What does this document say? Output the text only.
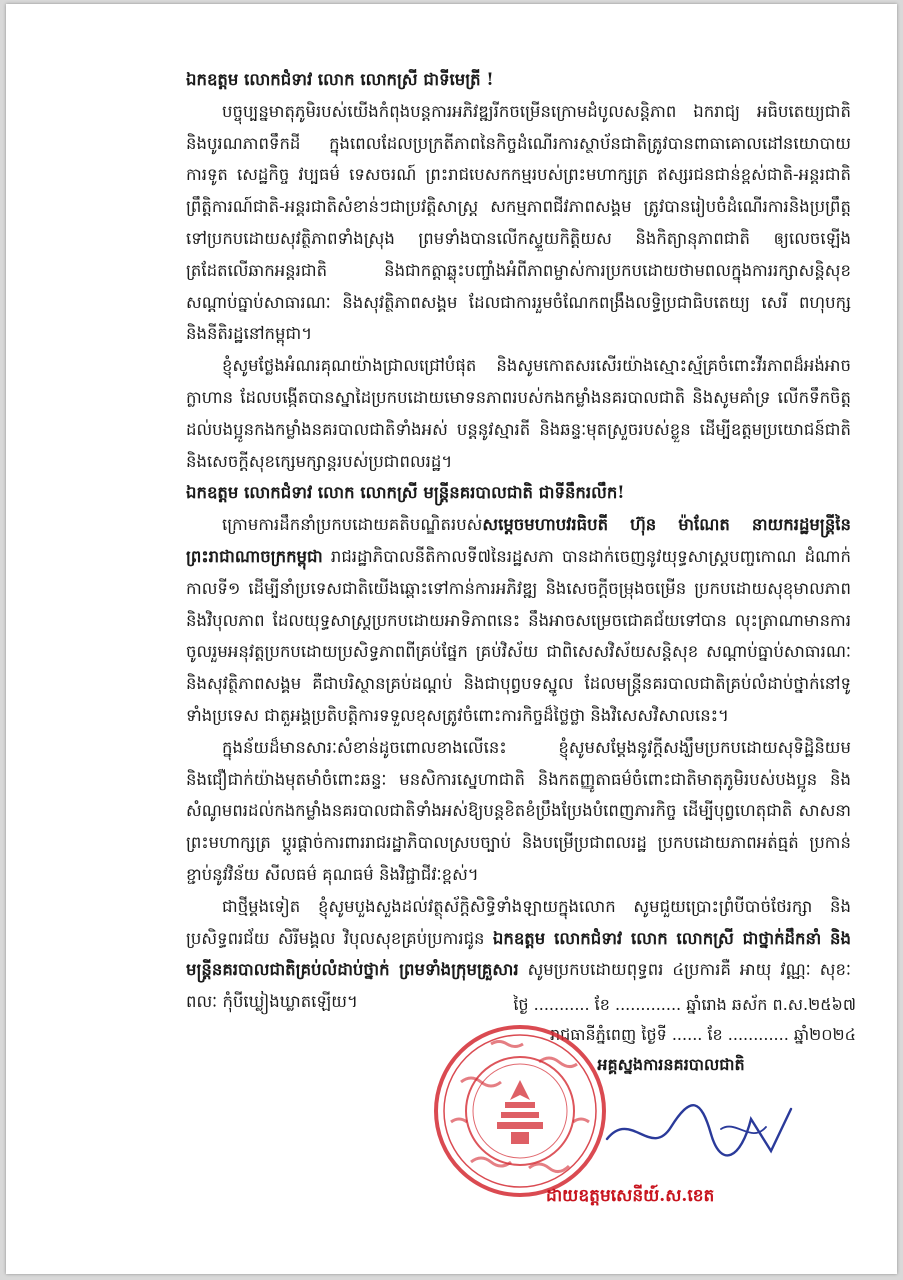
ឯកឧត្តម លោកជំទាវ លោក លោកស្រី ជាទីមេត្រី !

បច្ចុប្បន្នមាតុភូមិរបស់យើងកំពុងបន្តការអភិវឌ្ឍរីកចម្រើនក្រោមដំបូលសន្តិភាព ឯករាជ្យ អធិបតេយ្យជាតិ និងបូរណភាពទឹកដី ក្នុងពេលដែលប្រក្រតីភាពនៃកិច្ចដំណើរការស្ថាប័នជាតិត្រូវបានពាធាគោលដៅនយោបាយ ការទូត សេដ្ឋកិច្ច វប្បធម៌ ទេសចរណ៍ ព្រះរាជបេសកកម្មរបស់ព្រះមហាក្សត្រ ឥស្សរជនជាន់ខ្ពស់ជាតិ-អន្តរជាតិ ព្រឹត្តិការណ៍ជាតិ-អន្តរជាតិសំខាន់ៗជាប្រវត្តិសាស្ត្រ សកម្មភាពជីវភាពសង្គម ត្រូវបានរៀបចំដំណើរការនិងប្រព្រឹត្តទៅប្រកបដោយសុវត្ថិភាពទាំងស្រុង ព្រមទាំងបានលើកស្ទួយកិត្តិយស និងកិត្យានុភាពជាតិ ឲ្យលេចឡើងត្រដែតលើឆាកអន្តរជាតិ និងជាកត្តាឆ្លុះបញ្ចាំងអំពីភាពម្ចាស់ការប្រកបដោយថាមពលក្នុងការរក្សាសន្តិសុខ សណ្តាប់ធ្នាប់សាធារណៈ និងសុវត្ថិភាពសង្គម ដែលជាការរួមចំណែកពង្រឹងលទ្ធិប្រជាធិបតេយ្យ សេរី ពហុបក្ស និងនីតិរដ្ឋនៅកម្ពុជា។

ខ្ញុំសូមថ្លែងអំណរគុណយ៉ាងជ្រាលជ្រៅបំផុត និងសូមកោតសរសើរយ៉ាងស្មោះស្ម័គ្រចំពោះវីរភាពដ៏អង់អាចក្លាហាន ដែលបង្កើតបានស្នាដៃប្រកបដោយមោទនភាពរបស់កងកម្លាំងនគរបាលជាតិ និងសូមគាំទ្រ លើកទឹកចិត្តដល់បងប្អូនកងកម្លាំងនគរបាលជាតិទាំងអស់ បន្តនូវស្មារតី និងឆន្ទៈមុតស្រួចរបស់ខ្លួន ដើម្បីឧត្តមប្រយោជន៍ជាតិ និងសេចក្តីសុខក្សេមក្សាន្តរបស់ប្រជាពលរដ្ឋ។

ឯកឧត្តម លោកជំទាវ លោក លោកស្រី មន្ត្រីនគរបាលជាតិ ជាទីនឹករលឹក!

ក្រោមការដឹកនាំប្រកបដោយគតិបណ្ឌិតរបស់សម្តេចមហាបវរធិបតី ហ៊ុន ម៉ាណែត នាយករដ្ឋមន្ត្រីនៃព្រះរាជាណាចក្រកម្ពុជា រាជរដ្ឋាភិបាលនីតិកាលទី៧នៃរដ្ឋសភា បានដាក់ចេញនូវយុទ្ធសាស្ត្របញ្ចកោណ ដំណាក់កាលទី១ ដើម្បីនាំប្រទេសជាតិយើងឆ្ពោះទៅកាន់ការអភិវឌ្ឍ និងសេចក្តីចម្រុងចម្រើន ប្រកបដោយសុខុមាលភាព និងវិបុលភាព ដែលយុទ្ធសាស្ត្រប្រកបដោយអាទិភាពនេះ នឹងអាចសម្រេចជោគជ័យទៅបាន លុះត្រាណាមានការចូលរួមអនុវត្តប្រកបដោយប្រសិទ្ធភាពពីគ្រប់ផ្នែក គ្រប់វិស័យ ជាពិសេសវិស័យសន្តិសុខ សណ្តាប់ធ្នាប់សាធារណៈ និងសុវត្ថិភាពសង្គម គឺជាបរិស្ថានគ្រប់ដណ្តប់ និងជាបុព្វបទស្នូល ដែលមន្ត្រីនគរបាលជាតិគ្រប់លំដាប់ថ្នាក់នៅទូទាំងប្រទេស ជាតួអង្គប្រតិបត្តិការទទួលខុសត្រូវចំពោះការកិច្ចដ៏ថ្លៃថ្លា និងវិសេសវិសាលនេះ។

ក្នុងន័យដ៏មានសារៈសំខាន់ដូចពោលខាងលើនេះ ខ្ញុំសូមសម្តែងនូវក្តីសង្ឃឹមប្រកបដោយសុទិដ្ឋិនិយម និងជឿជាក់យ៉ាងមុតមាំចំពោះឆន្ទៈ មនសិការស្នេហាជាតិ និងកតញ្ញូតាធម៌ចំពោះជាតិមាតុភូមិរបស់បងប្អូន និងសំណូមពរដល់កងកម្លាំងនគរបាលជាតិទាំងអស់ឱ្យបន្តខិតខំប្រឹងប្រែងបំពេញភារកិច្ច ដើម្បីបុព្វហេតុជាតិ សាសនា ព្រះមហាក្សត្រ ប្តូរផ្តាច់ការពាររាជរដ្ឋាភិបាលស្របច្បាប់ និងបម្រើប្រជាពលរដ្ឋ ប្រកបដោយភាពអត់ធ្មត់ ប្រកាន់ខ្ជាប់នូវវិន័យ សីលធម៌ គុណធម៌ និងវិជ្ជាជីវៈខ្ពស់។

ជាថ្មីម្តងទៀត ខ្ញុំសូមបួងសួងដល់វត្ថុស័ក្តិសិទ្ធិទាំងឡាយក្នុងលោក សូមជួយប្រោះព្រំបីបាច់ថែរក្សា និងប្រសិទ្ធពរជ័យ សិរីមង្គល វិបុលសុខគ្រប់ប្រការជូន ឯកឧត្តម លោកជំទាវ លោក លោកស្រី ជាថ្នាក់ដឹកនាំ និងមន្ត្រីនគរបាលជាតិគ្រប់លំដាប់ថ្នាក់ ព្រមទាំងក្រុមគ្រួសារ សូមប្រកបដោយពុទ្ធពរ ៤ប្រការគឺ អាយុ វណ្ណៈ សុខៈ ពលៈ កុំបីឃ្លៀងឃ្លាតឡើយ។	ថ្ងៃ​ ........... ខែ ............. ឆ្នាំរោង ឆស័ក ព.ស.២៥៦៧
រាជធានីភ្នំពេញ ថ្ងៃទី ...... ខែ ............ ឆ្នាំ២០២៤
អគ្គស្នងការនគរបាលជាតិ
ដាយឧត្តមសេនីយ៍.ស.ខេត
